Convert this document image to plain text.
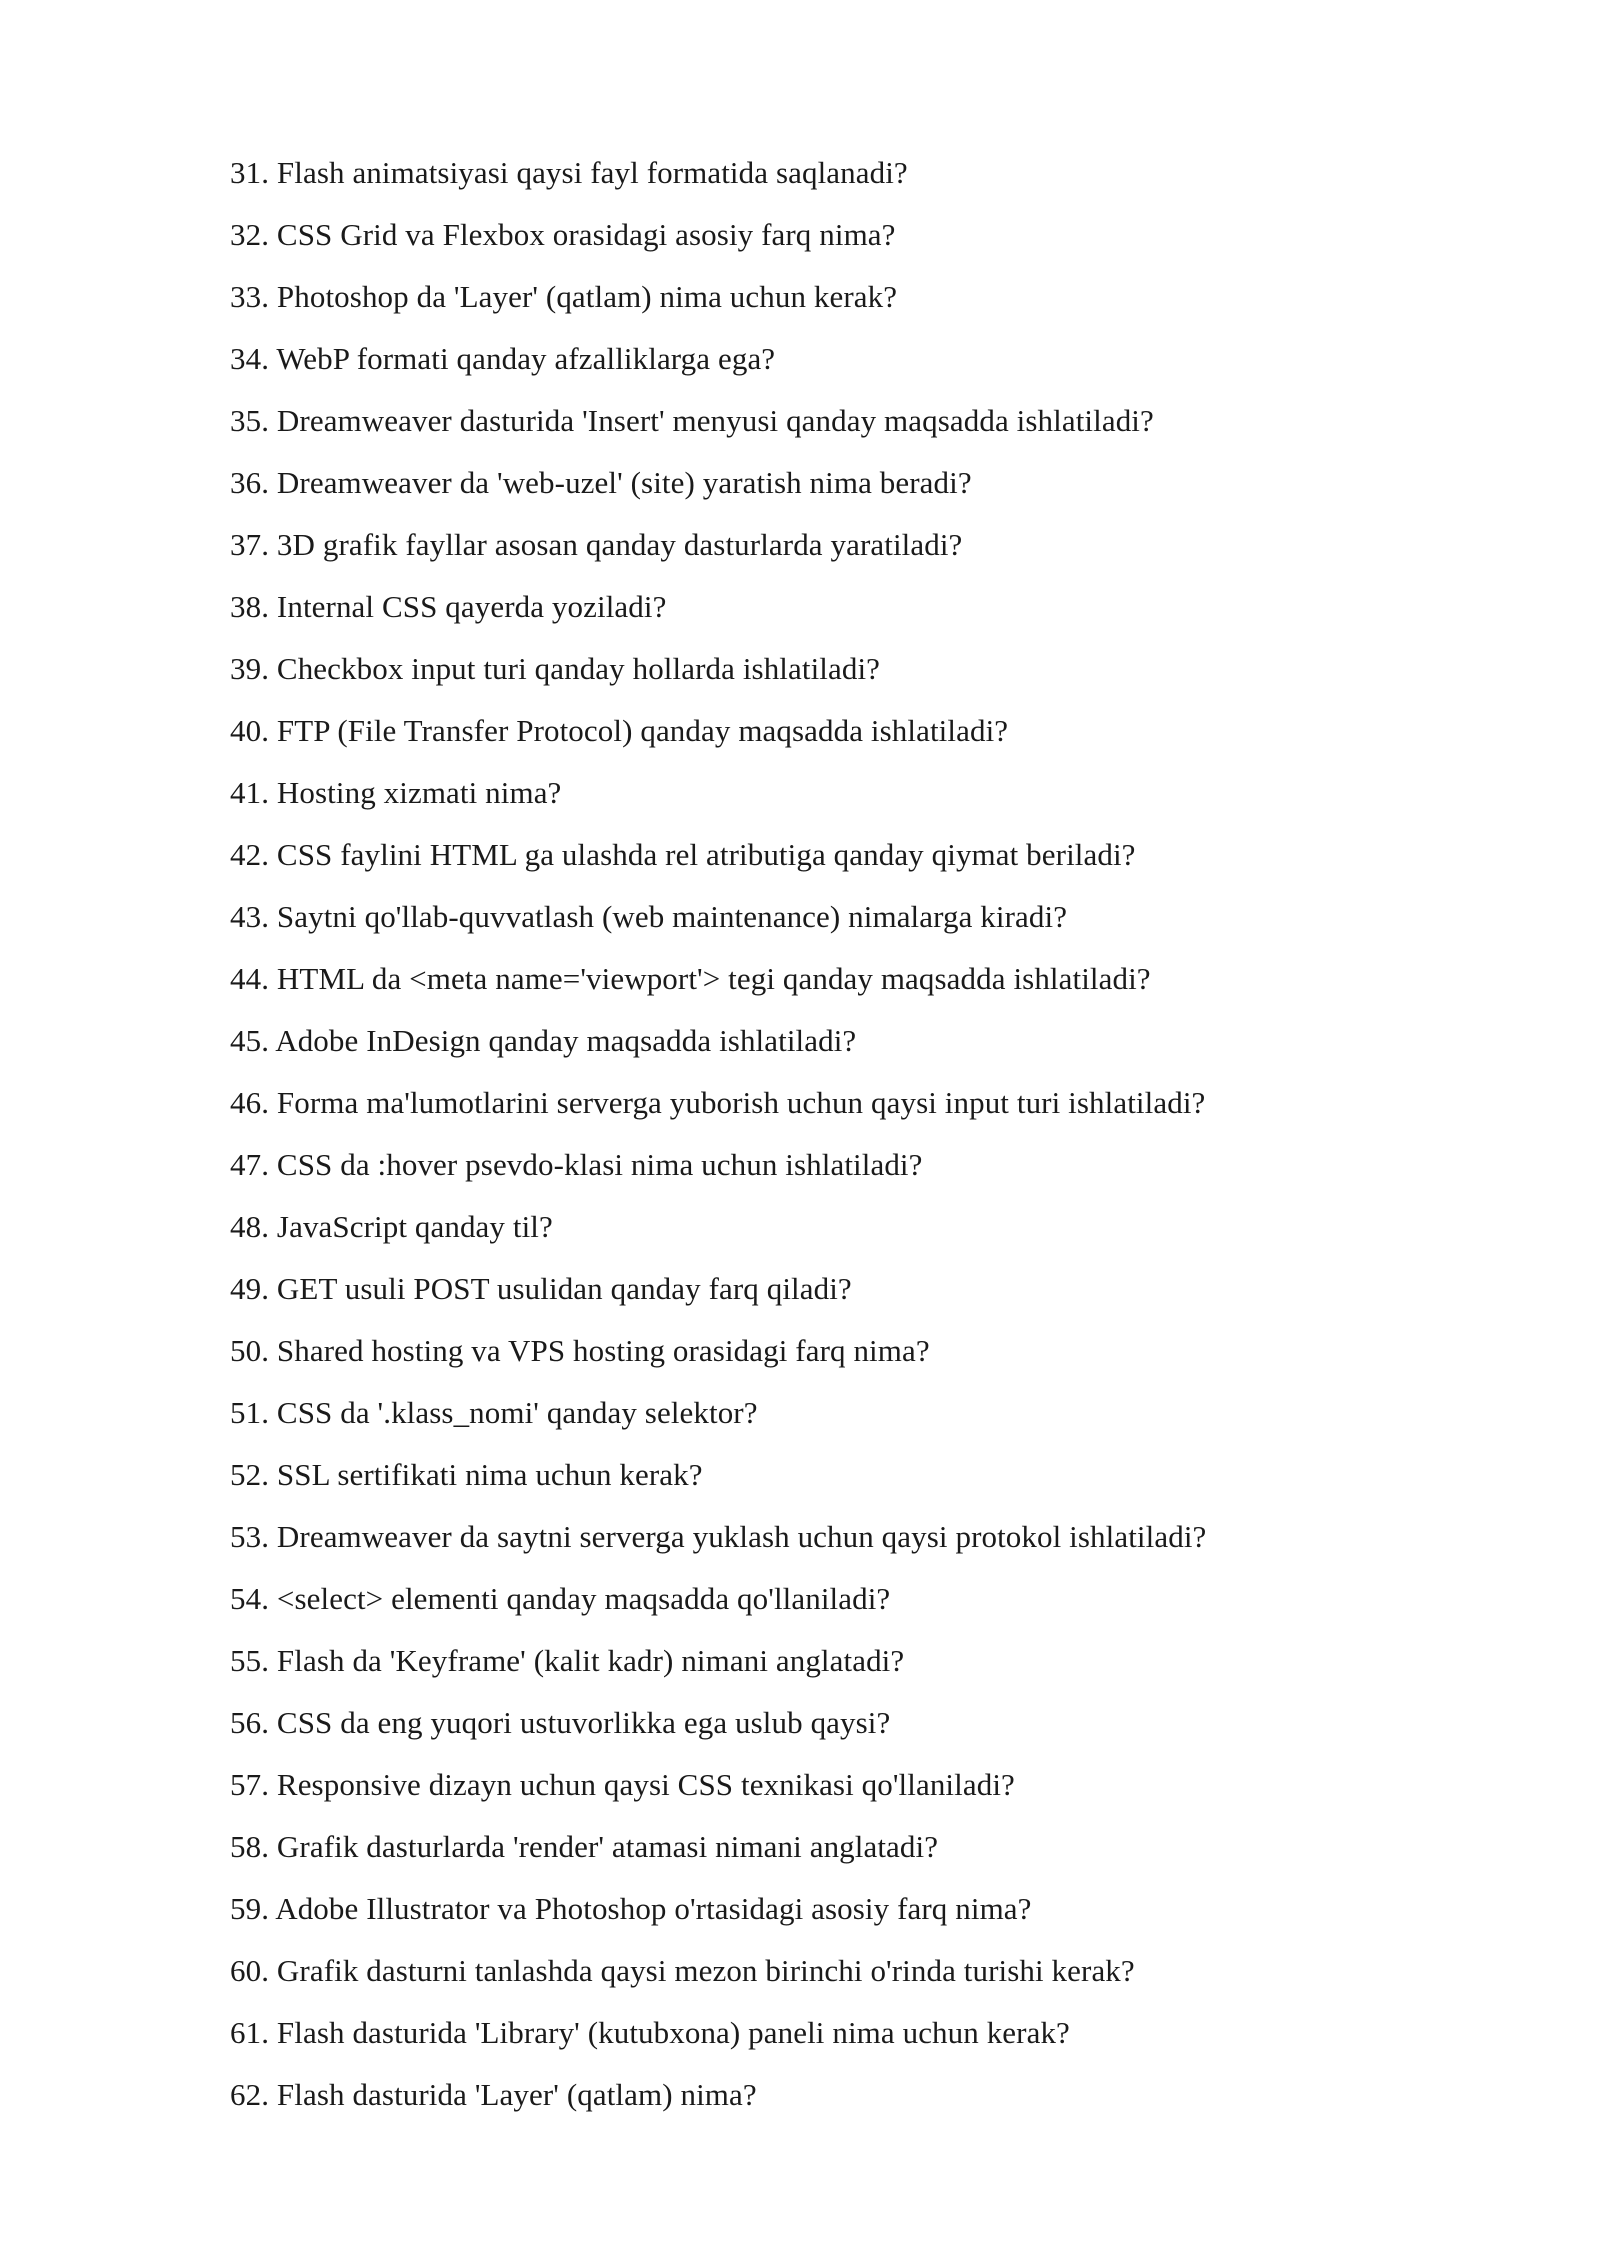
31. Flash animatsiyasi qaysi fayl formatida saqlanadi?
32. CSS Grid va Flexbox orasidagi asosiy farq nima?
33. Photoshop da 'Layer' (qatlam) nima uchun kerak?
34. WebP formati qanday afzalliklarga ega?
35. Dreamweaver dasturida 'Insert' menyusi qanday maqsadda ishlatiladi?
36. Dreamweaver da 'web-uzel' (site) yaratish nima beradi?
37. 3D grafik fayllar asosan qanday dasturlarda yaratiladi?
38. Internal CSS qayerda yoziladi?
39. Checkbox input turi qanday hollarda ishlatiladi?
40. FTP (File Transfer Protocol) qanday maqsadda ishlatiladi?
41. Hosting xizmati nima?
42. CSS faylini HTML ga ulashda rel atributiga qanday qiymat beriladi?
43. Saytni qo'llab-quvvatlash (web maintenance) nimalarga kiradi?
44. HTML da <meta name='viewport'> tegi qanday maqsadda ishlatiladi?
45. Adobe InDesign qanday maqsadda ishlatiladi?
46. Forma ma'lumotlarini serverga yuborish uchun qaysi input turi ishlatiladi?
47. CSS da :hover psevdo-klasi nima uchun ishlatiladi?
48. JavaScript qanday til?
49. GET usuli POST usulidan qanday farq qiladi?
50. Shared hosting va VPS hosting orasidagi farq nima?
51. CSS da '.klass_nomi' qanday selektor?
52. SSL sertifikati nima uchun kerak?
53. Dreamweaver da saytni serverga yuklash uchun qaysi protokol ishlatiladi?
54. <select> elementi qanday maqsadda qo'llaniladi?
55. Flash da 'Keyframe' (kalit kadr) nimani anglatadi?
56. CSS da eng yuqori ustuvorlikka ega uslub qaysi?
57. Responsive dizayn uchun qaysi CSS texnikasi qo'llaniladi?
58. Grafik dasturlarda 'render' atamasi nimani anglatadi?
59. Adobe Illustrator va Photoshop o'rtasidagi asosiy farq nima?
60. Grafik dasturni tanlashda qaysi mezon birinchi o'rinda turishi kerak?
61. Flash dasturida 'Library' (kutubxona) paneli nima uchun kerak?
62. Flash dasturida 'Layer' (qatlam) nima?
